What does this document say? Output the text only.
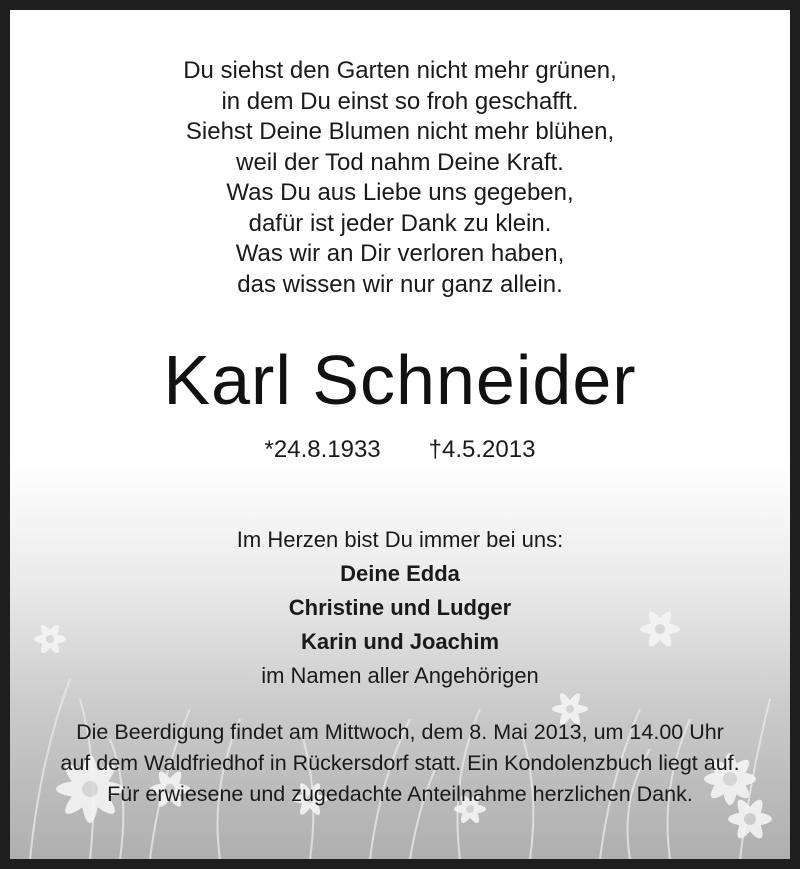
Du siehst den Garten nicht mehr grünen,
in dem Du einst so froh geschafft.
Siehst Deine Blumen nicht mehr blühen,
weil der Tod nahm Deine Kraft.
Was Du aus Liebe uns gegeben,
dafür ist jeder Dank zu klein.
Was wir an Dir verloren haben,
das wissen wir nur ganz allein.
Karl Schneider
*24.8.1933 †4.5.2013
Im Herzen bist Du immer bei uns:
Deine Edda
Christine und Ludger
Karin und Joachim
im Namen aller Angehörigen
Die Beerdigung findet am Mittwoch, dem 8. Mai 2013, um 14.00 Uhr
auf dem Waldfriedhof in Rückersdorf statt. Ein Kondolenzbuch liegt auf.
Für erwiesene und zugedachte Anteilnahme herzlichen Dank.
